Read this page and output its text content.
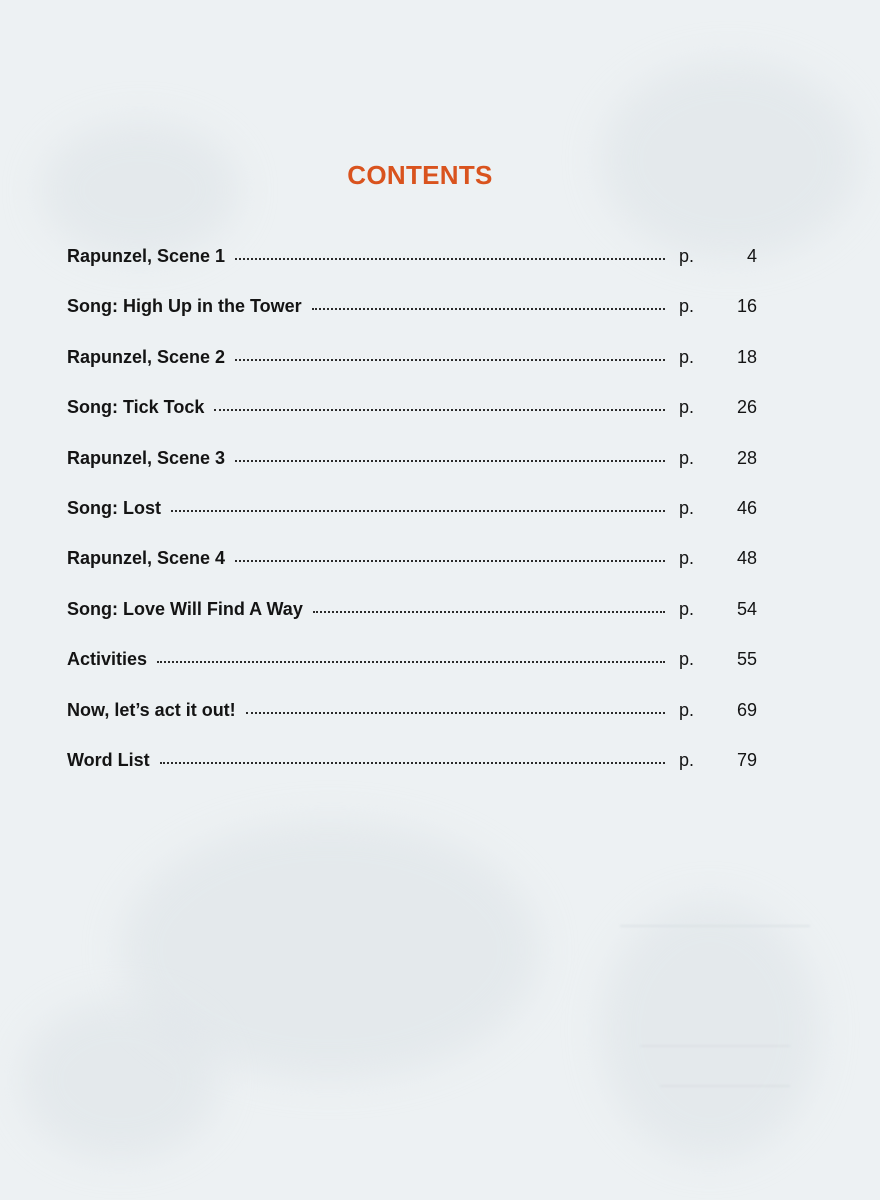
CONTENTS
Rapunzel, Scene 1	p.	4
Song: High Up in the Tower	p.	16
Rapunzel, Scene 2	p.	18
Song: Tick Tock	p.	26
Rapunzel, Scene 3	p.	28
Song: Lost	p.	46
Rapunzel, Scene 4	p.	48
Song: Love Will Find A Way	p.	54
Activities	p.	55
Now, let’s act it out!	p.	69
Word List	p.	79
